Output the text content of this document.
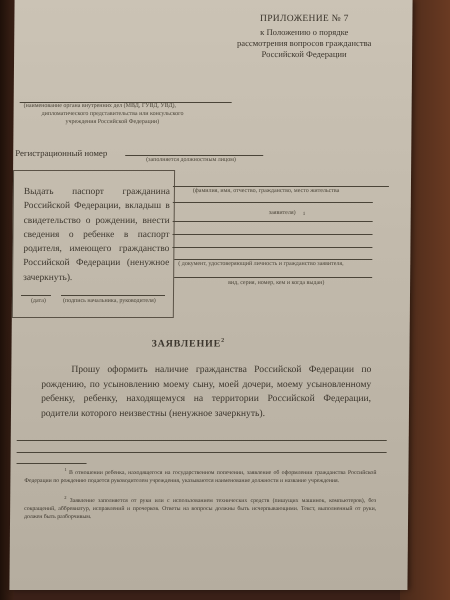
ПРИЛОЖЕНИЕ № 7
к Положению о порядке
рассмотрения вопросов гражданства
Российской Федерации
(наименование органа внутренних дел (МВД, ГУВД, УВД),
дипломатического представительства или консульского
учреждения Российской Федерации)
Регистрационный номер
(заполняется должностным лицом)
Выдать паспорт гражданина Российской Федерации, вкладыш в свидетельство о рождении, внести сведения о ребенке в паспорт родителя, имеющего гражданство Российской Федерации (ненужное зачеркнуть).
(дата)	(подпись начальника, руководителя)
(фамилия, имя, отчество, гражданство, место жительства
заявителя) 1
( документ, удостоверяющий личность и гражданство заявителя,
вид, серия, номер, кем и когда выдан)
ЗАЯВЛЕНИЕ$^2$
Прошу оформить наличие гражданства Российской Федерации по рождению, по усыновлению моему сыну, моей дочери, моему усыновленному ребенку, ребенку, находящемуся на территории Российской Федерации, родители которого неизвестны (ненужное зачеркнуть).
$^1$ В отношении ребенка, находящегося на государственном попечении, заявление об оформлении гражданства Российской Федерации по рождению подается руководителем учреждения, указываются наименование должности и название учреждения.
$^2$ Заявление заполняется от руки или с использованием технических средств (пишущих машинок, компьютеров), без сокращений, аббревиатур, исправлений и прочерков. Ответы на вопросы должны быть исчерпывающими. Текст, выполненный от руки, должен быть разборчивым.
